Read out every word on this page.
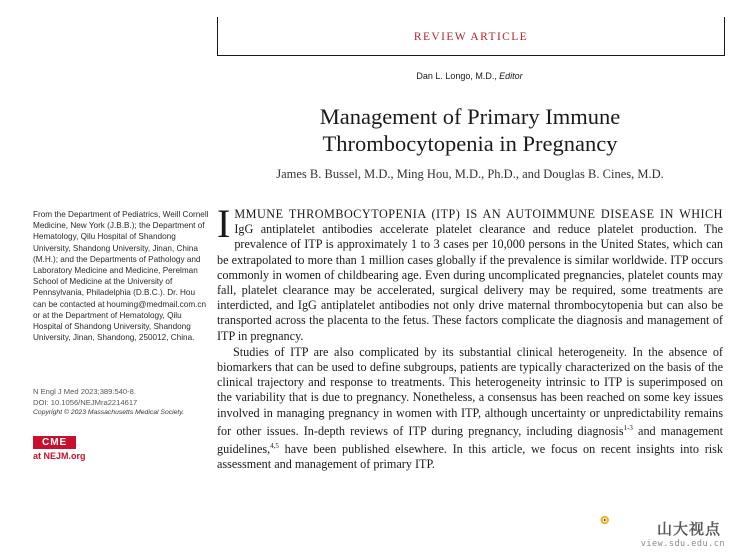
REVIEW ARTICLE
Dan L. Longo, M.D., Editor
Management of Primary Immune
Thrombocytopenia in Pregnancy
James B. Bussel, M.D., Ming Hou, M.D., Ph.D., and Douglas B. Cines, M.D.
From the Department of Pediatrics, Weill Cornell Medicine, New York (J.B.B.); the Department of Hematology, Qilu Hospital of Shandong University, Shandong University, Jinan, China (M.H.); and the Departments of Pathology and Laboratory Medicine and Medicine, Perelman School of Medicine at the University of Pennsylvania, Philadelphia (D.B.C.). Dr. Hou can be contacted at houming@medmail.com.cn or at the Department of Hematology, Qilu Hospital of Shandong University, Shandong University, Jinan, Shandong, 250012, China.
N Engl J Med 2023;389:540-8.
DOI: 10.1056/NEJMra2214617
Copyright © 2023 Massachusetts Medical Society.
CME
at NEJM.org

IMMUNE THROMBOCYTOPENIA (ITP) IS AN AUTOIMMUNE DISEASE IN WHICH IgG antiplatelet antibodies accelerate platelet clearance and reduce platelet production. The prevalence of ITP is approximately 1 to 3 cases per 10,000 persons in the United States, which can be extrapolated to more than 1 million cases globally if the prevalence is similar worldwide. ITP occurs commonly in women of childbearing age. Even during uncomplicated pregnancies, platelet counts may fall, platelet clearance may be accelerated, surgical delivery may be required, some treatments are interdicted, and IgG antiplatelet antibodies not only drive maternal thrombocytopenia but can also be transported across the placenta to the fetus. These factors complicate the diagnosis and management of ITP in pregnancy.

Studies of ITP are also complicated by its substantial clinical heterogeneity. In the absence of biomarkers that can be used to define subgroups, patients are typically characterized on the basis of the clinical trajectory and response to treatments. This heterogeneity intrinsic to ITP is superimposed on the variability that is due to pregnancy. Nonetheless, a consensus has been reached on some key issues involved in managing pregnancy in women with ITP, although uncertainty or unpredictability remains for other issues. In-depth reviews of ITP during pregnancy, including diagnosis$^{1-3}$ and management guidelines,$^{4,5}$ have been published elsewhere. In this article, we focus on recent insights into risk assessment and management of primary ITP.

山大视点
view.sdu.edu.cn
